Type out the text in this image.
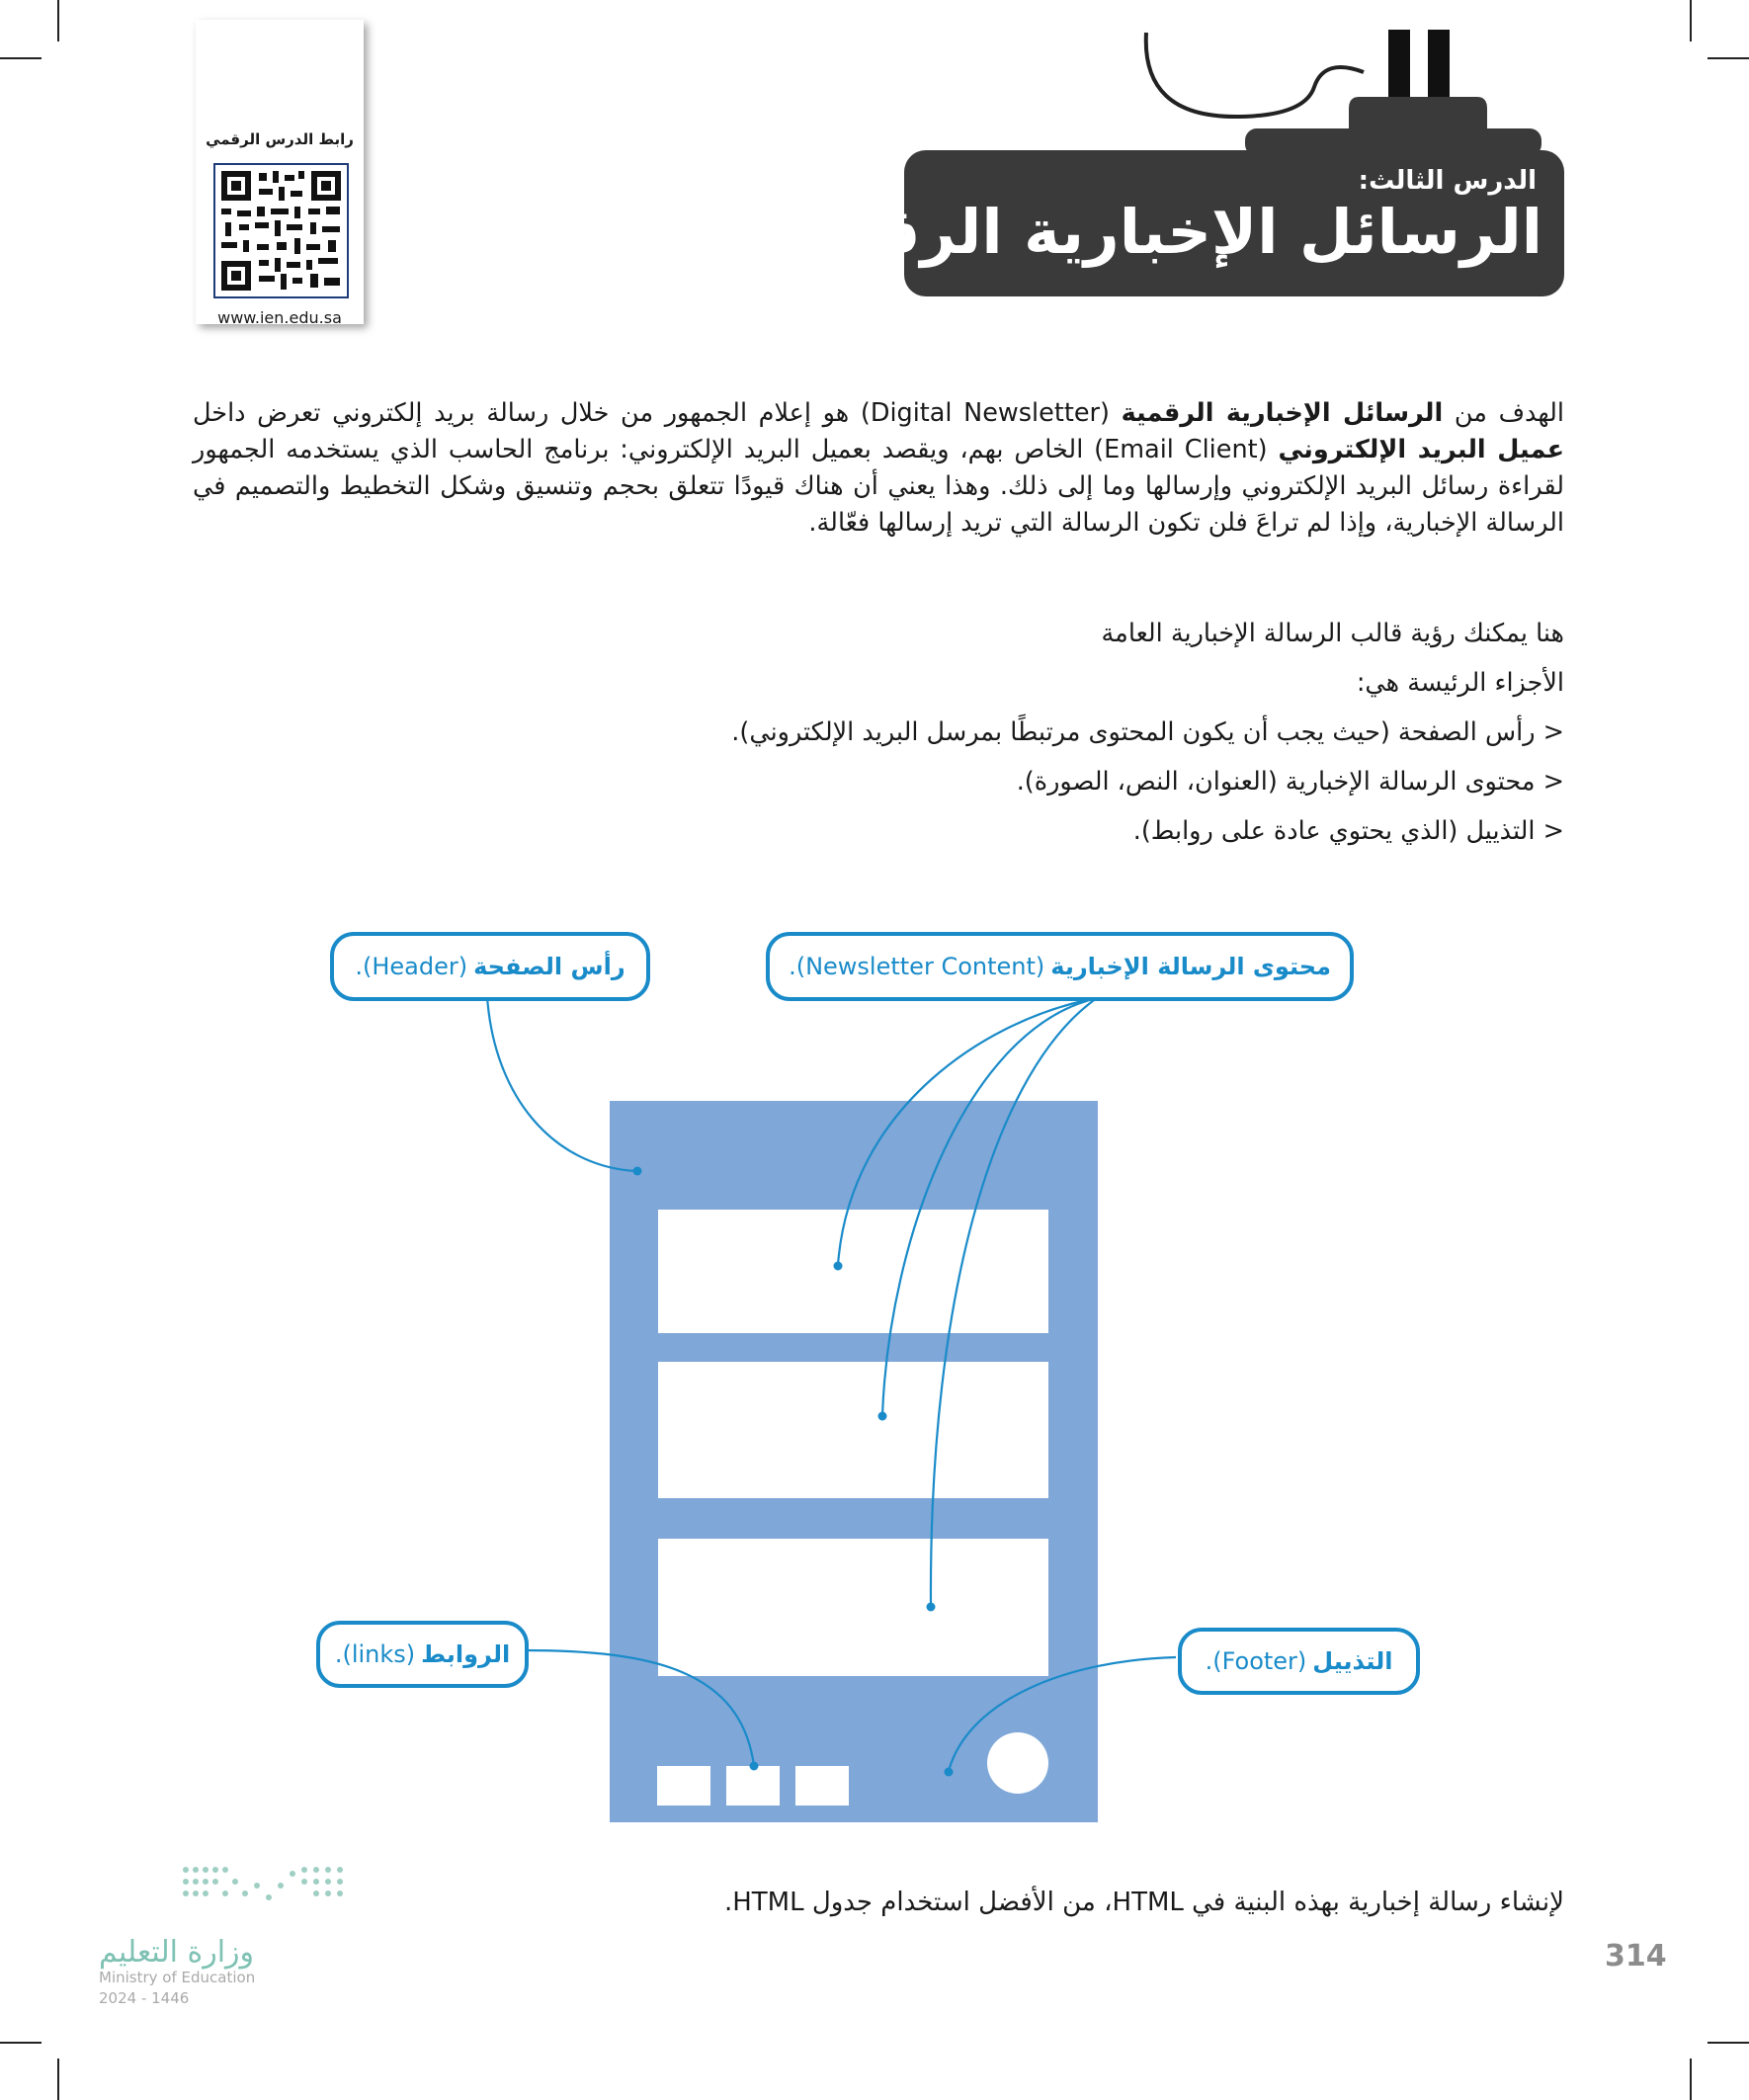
رابط الدرس الرقمي
www.ien.edu.sa
الدرس الثالث:
الرسائل الإخبارية الرقمية
الهدف من الرسائل الإخبارية الرقمية (Digital Newsletter) هو إعلام الجمهور من خلال رسالة بريد إلكتروني تعرض داخل عميل البريد الإلكتروني (Email Client) الخاص بهم، ويقصد بعميل البريد الإلكتروني: برنامج الحاسب الذي يستخدمه الجمهور لقراءة رسائل البريد الإلكتروني وإرسالها وما إلى ذلك. وهذا يعني أن هناك قيودًا تتعلق بحجم وتنسيق وشكل التخطيط والتصميم في الرسالة الإخبارية، وإذا لم تراعَ فلن تكون الرسالة التي تريد إرسالها فعّالة.
هنا يمكنك رؤية قالب الرسالة الإخبارية العامة
الأجزاء الرئيسة هي:
< رأس الصفحة (حيث يجب أن يكون المحتوى مرتبطًا بمرسل البريد الإلكتروني).
< محتوى الرسالة الإخبارية (العنوان، النص، الصورة).
< التذييل (الذي يحتوي عادة على روابط).
رأس الصفحة
(Header).	محتوى الرسالة الإخبارية
(Newsletter Content).
الروابط
(links).	التذييل
(Footer).
لإنشاء رسالة إخبارية بهذه البنية في HTML، من الأفضل استخدام جدول HTML.
314
وزارة التعليم
Ministry of Education
2024 - 1446
